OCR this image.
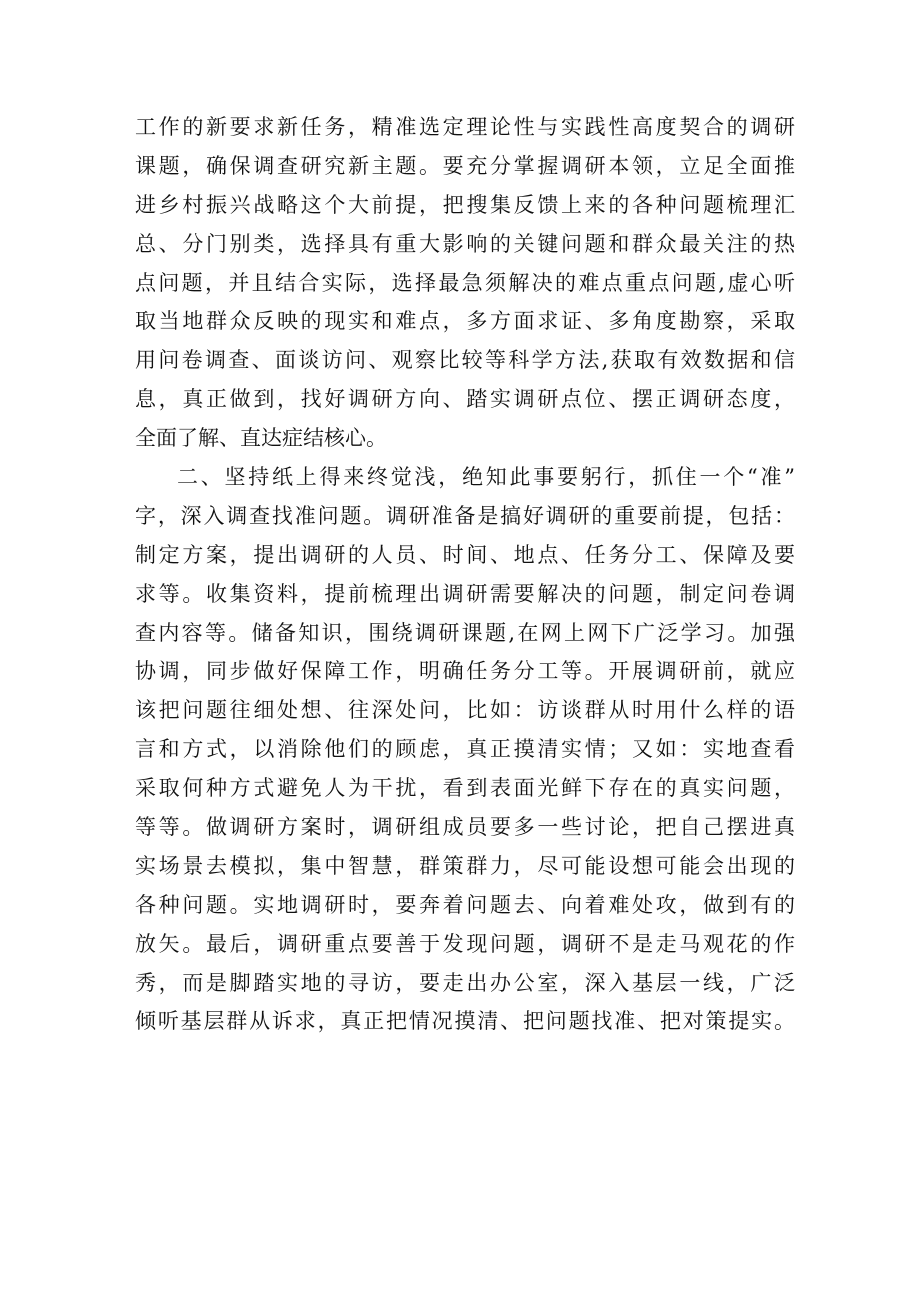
工作的新要求新任务，精准选定理论性与实践性高度契合的调研
课题，确保调查研究新主题。要充分掌握调研本领，立足全面推
进乡村振兴战略这个大前提，把搜集反馈上来的各种问题梳理汇
总、分门别类，选择具有重大影响的关键问题和群众最关注的热
点问题，并且结合实际，选择最急须解决的难点重点问题,虚心听
取当地群众反映的现实和难点，多方面求证、多角度勘察，采取
用问卷调查、面谈访问、观察比较等科学方法,获取有效数据和信
息，真正做到，找好调研方向、踏实调研点位、摆正调研态度，
全面了解、直达症结核心。
二、坚持纸上得来终觉浅，绝知此事要躬行，抓住一个“准”
字，深入调查找准问题。调研准备是搞好调研的重要前提，包括：
制定方案，提出调研的人员、时间、地点、任务分工、保障及要
求等。收集资料，提前梳理出调研需要解决的问题，制定问卷调
查内容等。储备知识，围绕调研课题,在网上网下广泛学习。加强
协调，同步做好保障工作，明确任务分工等。开展调研前，就应
该把问题往细处想、往深处问，比如：访谈群从时用什么样的语
言和方式，以消除他们的顾虑，真正摸清实情；又如：实地查看
采取何种方式避免人为干扰，看到表面光鲜下存在的真实问题，
等等。做调研方案时，调研组成员要多一些讨论，把自己摆进真
实场景去模拟，集中智慧，群策群力，尽可能设想可能会出现的
各种问题。实地调研时，要奔着问题去、向着难处攻，做到有的
放矢。最后，调研重点要善于发现问题，调研不是走马观花的作
秀，而是脚踏实地的寻访，要走出办公室，深入基层一线，广泛
倾听基层群从诉求，真正把情况摸清、把问题找准、把对策提实。
